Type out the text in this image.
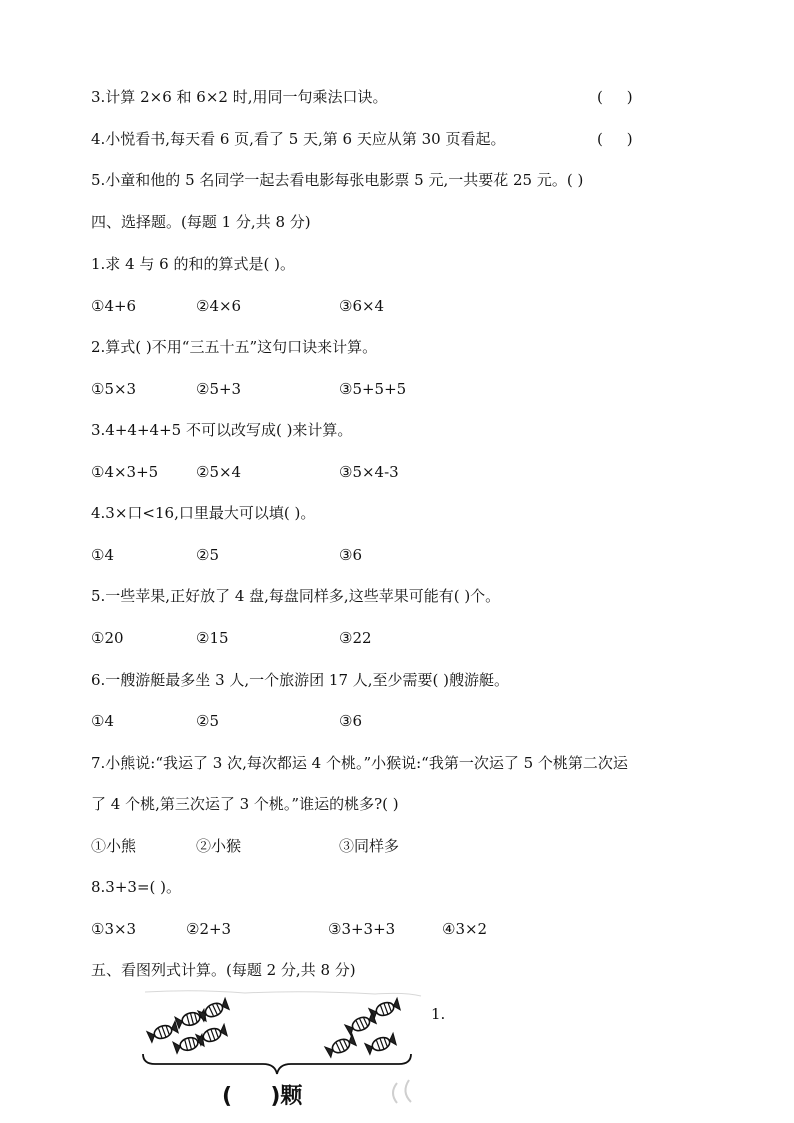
3.计算 2×6 和 6×2 时,用同一句乘法口诀。	(     )
4.小悦看书,每天看 6 页,看了 5 天,第 6 天应从第 30 页看起。	(     )
5.小童和他的 5 名同学一起去看电影每张电影票 5 元,一共要花 25 元。( )
四、选择题。(每题 1 分,共 8 分)
1.求 4 与 6 的和的算式是( )。
①4+6	②4×6	③6×4
2.算式( )不用“三五十五”这句口诀来计算。
①5×3	②5+3	③5+5+5
3.4+4+4+5 不可以改写成( )来计算。
①4×3+5	②5×4	③5×4-3
4.3×口<16,口里最大可以填( )。
①4	②5	③6
5.一些苹果,正好放了 4 盘,每盘同样多,这些苹果可能有( )个。
①20	②15	③22
6.一艘游艇最多坐 3 人,一个旅游团 17 人,至少需要( )艘游艇。
①4	②5	③6
7.小熊说:“我运了 3 次,每次都运 4 个桃。”小猴说:“我第一次运了 5 个桃第二次运
了 4 个桃,第三次运了 3 个桃。”谁运的桃多?( )
①小熊	②小猴	③同样多
8.3+3=( )。
①3×3	②2+3	③3+3+3	④3×2
五、看图列式计算。(每题 2 分,共 8 分)
1.
(     )颗
